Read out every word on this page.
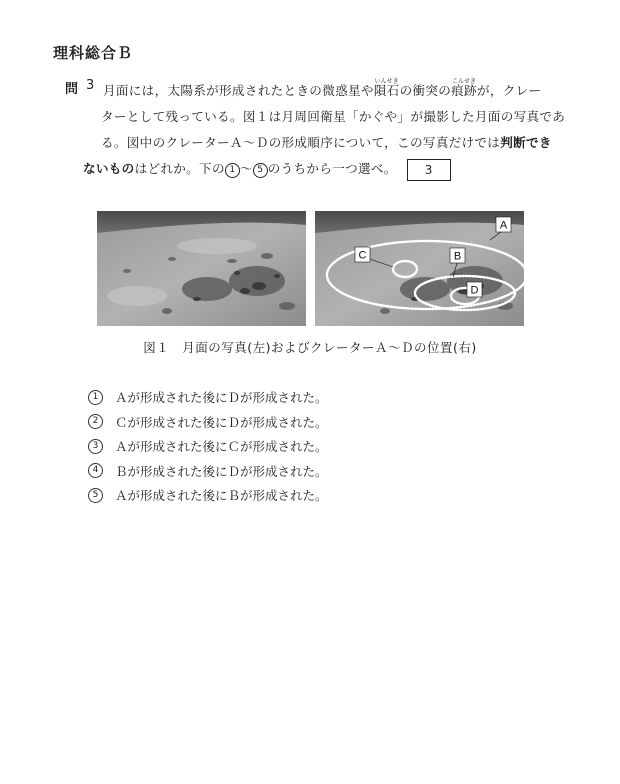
理科総合Ｂ
問 3 月面には，太陽系が形成されたときの微惑星や
いんせき
隕石の衝突の
こんせき
痕跡が，クレー
ターとして残っている。図１は月周回衛星「かぐや」が撮影した月面の写真であ
る。図中のクレーターＡ～Ｄの形成順序について，この写真だけでは判断でき
ないものはどれか。下の 1 ～ 5 のうちから一つ選べ。 3
A
C	B
D
図１　月面の写真(左)およびクレーターＡ～Ｄの位置(右)
1	Ａが形成された後にＤが形成された。
2	Ｃが形成された後にＤが形成された。
3	Ａが形成された後にＣが形成された。
4	Ｂが形成された後にＤが形成された。
5	Ａが形成された後にＢが形成された。
